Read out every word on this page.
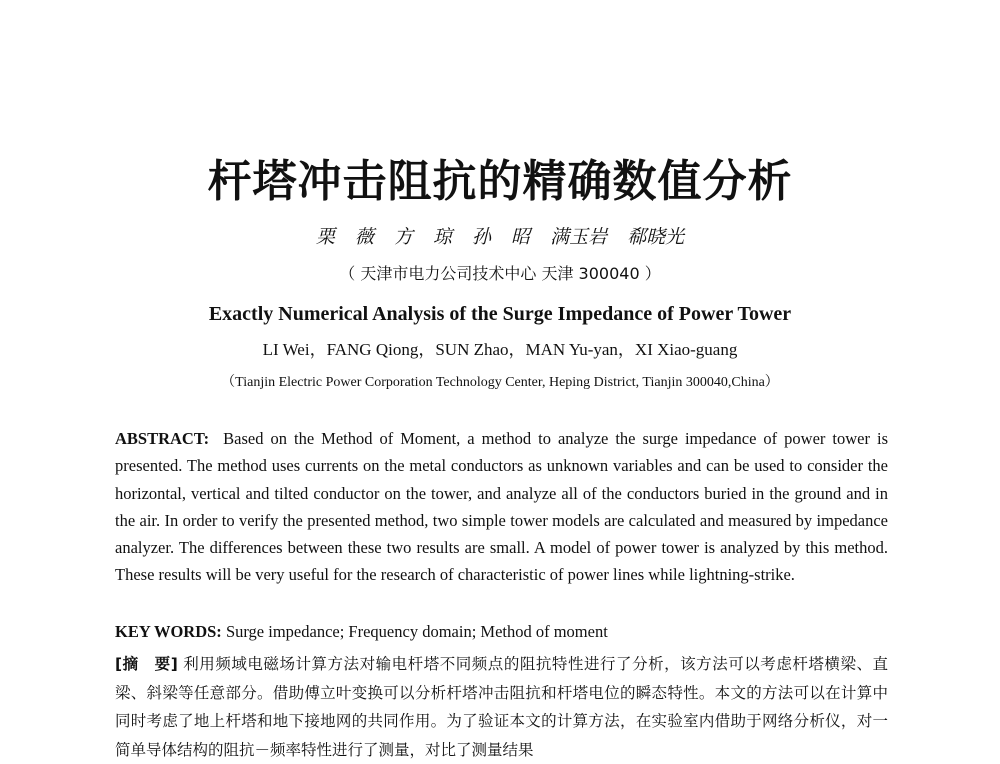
杆塔冲击阻抗的精确数值分析
栗 薇 方 琼 孙 昭 满玉岩 郗晓光
（ 天津市电力公司技术中心 天津 300040 ）
Exactly Numerical Analysis of the Surge Impedance of Power Tower
LI Wei，FANG Qiong，SUN Zhao，MAN Yu-yan，XI Xiao-guang
（Tianjin Electric Power Corporation Technology Center, Heping District, Tianjin 300040,China）

ABSTRACT: Based on the Method of Moment, a method to analyze the surge impedance of power tower is presented. The method uses currents on the metal conductors as unknown variables and can be used to consider the horizontal, vertical and tilted conductor on the tower, and analyze all of the conductors buried in the ground and in the air. In order to verify the presented method, two simple tower models are calculated and measured by impedance analyzer. The differences between these two results are small. A model of power tower is analyzed by this method. These results will be very useful for the research of characteristic of power lines while lightning-strike.

KEY WORDS: Surge impedance; Frequency domain; Method of moment

[摘　要] 利用频域电磁场计算方法对输电杆塔不同频点的阻抗特性进行了分析，该方法可以考虑杆塔横梁、直梁、斜梁等任意部分。借助傅立叶变换可以分析杆塔冲击阻抗和杆塔电位的瞬态特性。本文的方法可以在计算中同时考虑了地上杆塔和地下接地网的共同作用。为了验证本文的计算方法，在实验室内借助于网络分析仪，对一简单导体结构的阻抗－频率特性进行了测量，对比了测量结果
